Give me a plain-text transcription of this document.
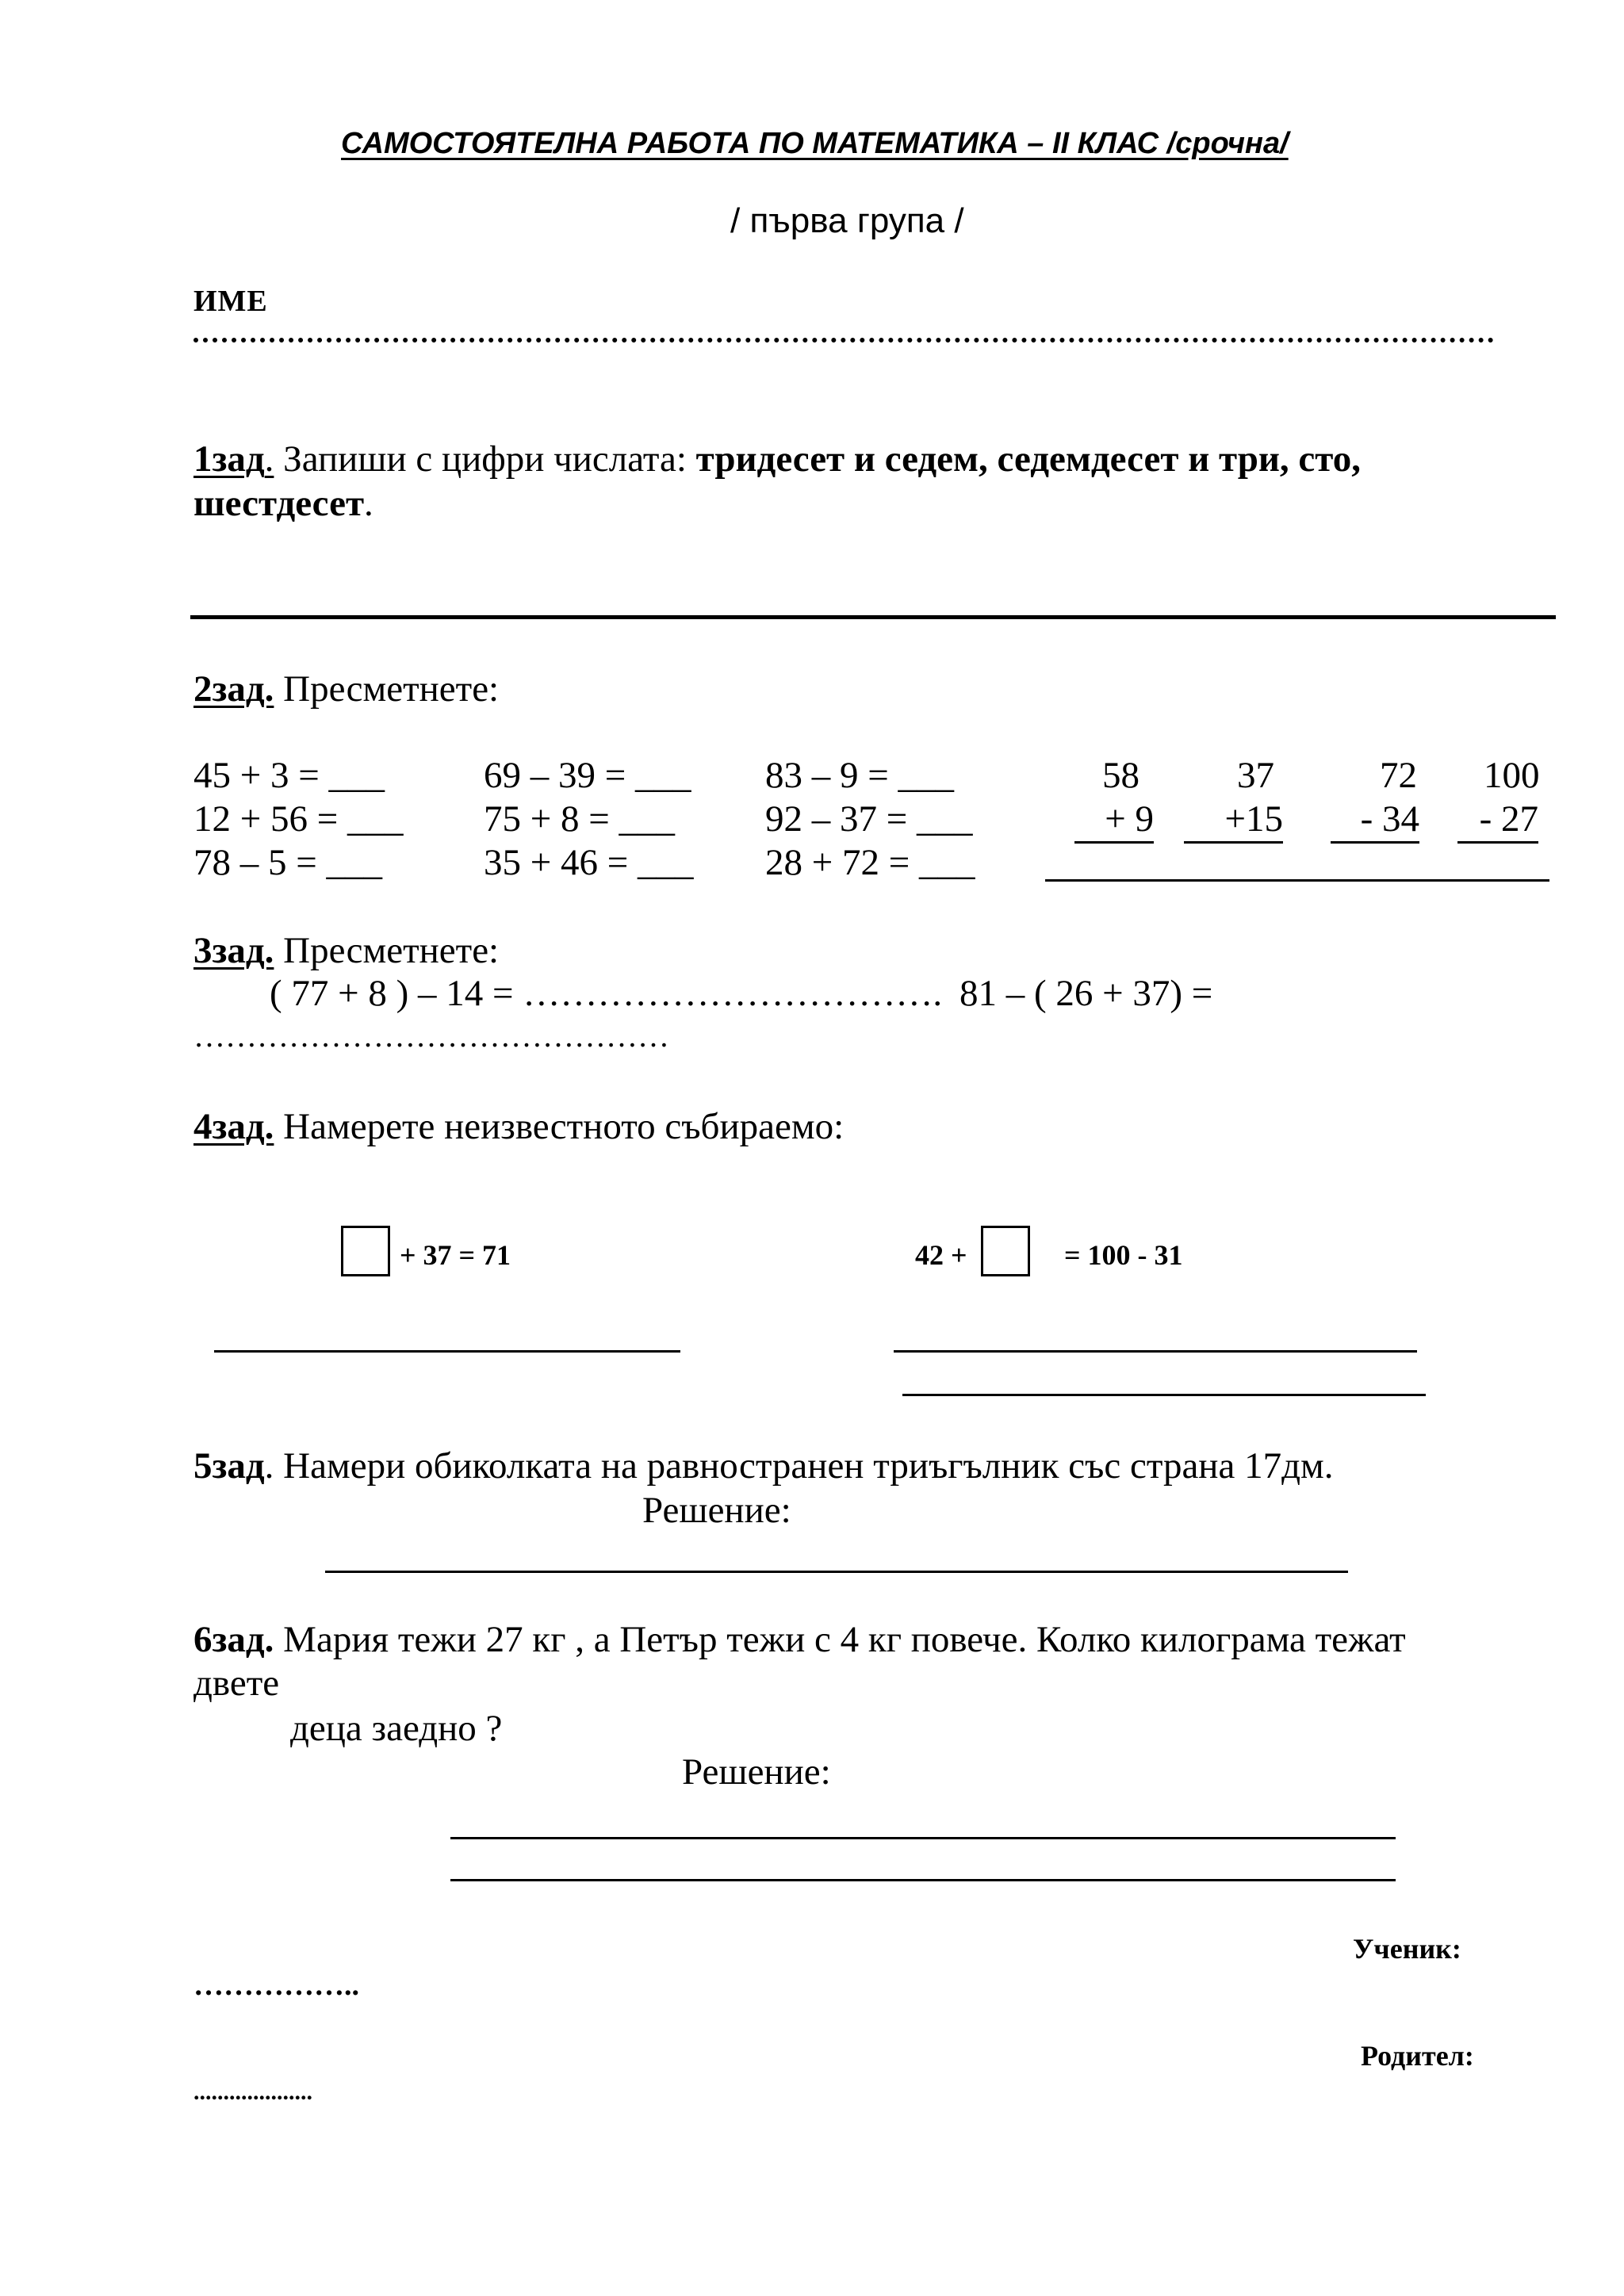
САМОСТОЯТЕЛНА РАБОТА ПО МАТЕМАТИКА – II КЛАС /срочна/
/ първа група /
ИМЕ
1зад. Запиши с цифри числата: тридесет и седем, седемдесет и три, сто,
шестдесет.
2зад. Пресметнете:
45 + 3 = ___
12 + 56 = ___
78 – 5 = ___
69 – 39 = ___
75 + 8 = ___
35 + 46 = ___
83 – 9 = ___
92 – 37 = ___
28 + 72 = ___
58
+ 9
37
+15
72
- 34
100
- 27
3зад. Пресметнете:
( 77 + 8 ) – 14 = ……………………………. 81 – ( 26 + 37) =
………………………………………
4зад. Намерете неизвестното събираемо:
+ 37 = 71	42 +	= 100 - 31
5зад. Намери обиколката на равностранен триъгълник със страна 17дм.
Решение:
6зад. Мария тежи 27 кг , а Петър тежи с 4 кг повече. Колко килограма тежат
двете
деца заедно ?
Решение:
Ученик:
……………..
Родител:
....................
